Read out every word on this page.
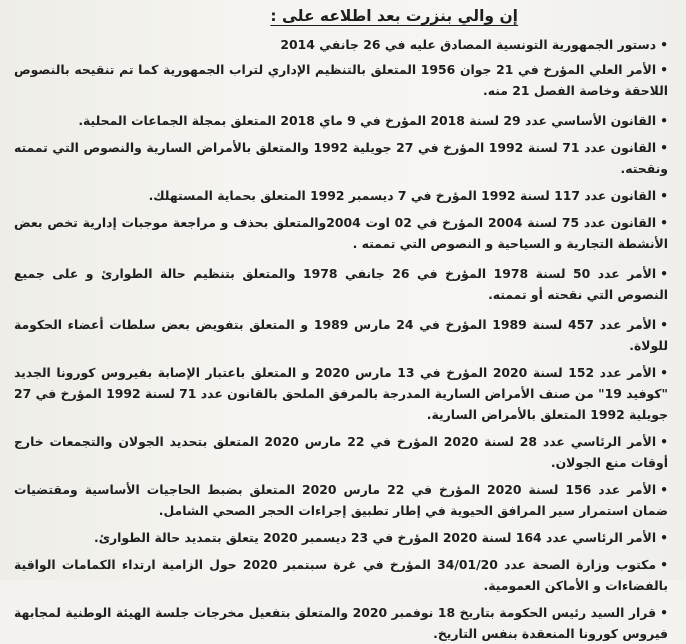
إن والي بنزرت بعد اطلاعه على :
•دستور الجمهورية التونسية المصادق عليه في 26 جانفي 2014
•الأمر العلي المؤرخ في 21 جوان 1956 المتعلق بالتنظيم الإداري لتراب الجمهورية كما تم تنقيحه بالنصوص اللاحقة وخاصة الفصل 21 منه.
•القانون الأساسي عدد 29 لسنة 2018 المؤرخ في 9 ماي 2018 المتعلق بمجلة الجماعات المحلية.
•القانون عدد 71 لسنة 1992 المؤرخ في 27 جويلية 1992 والمتعلق بالأمراض السارية والنصوص التي تممته ونقحته.
•القانون عدد 117 لسنة 1992 المؤرخ في 7 ديسمبر 1992 المتعلق بحماية المستهلك.
•القانون عدد 75 لسنة 2004 المؤرخ في 02 اوت 2004والمتعلق بحذف و مراجعة موجبات إدارية تخص بعض الأنشطة التجارية و السياحية و النصوص التي تممته .
•الأمر عدد 50 لسنة 1978 المؤرخ في 26 جانفي 1978 والمتعلق بتنظيم حالة الطوارئ و على جميع النصوص التي نقحته أو تممته.
•الأمر عدد 457 لسنة 1989 المؤرخ في 24 مارس 1989 و المتعلق بتفويض بعض سلطات أعضاء الحكومة للولاة.
•الأمر عدد 152 لسنة 2020 المؤرخ في 13 مارس 2020 و المتعلق باعتبار الإصابة بفيروس كورونا الجديد "كوفيد 19" من صنف الأمراض السارية المدرجة بالمرفق الملحق بالقانون عدد 71 لسنة 1992 المؤرخ في 27 جويلية 1992 المتعلق بالأمراض السارية.
•الأمر الرئاسي عدد 28 لسنة 2020 المؤرخ في 22 مارس 2020 المتعلق بتحديد الجولان والتجمعات خارج أوقات منع الجولان.
•الأمر عدد 156 لسنة 2020 المؤرخ في 22 مارس 2020 المتعلق بضبط الحاجيات الأساسية ومقتضيات ضمان استمرار سير المرافق الحيوية في إطار تطبيق إجراءات الحجر الصحي الشامل.
•الأمر الرئاسي عدد 164 لسنة 2020 المؤرخ في 23 ديسمبر 2020 يتعلق بتمديد حالة الطوارئ.
•مكتوب وزارة الصحة عدد 34/01/20 المؤرخ في غرة سبتمبر 2020 حول الزامية ارتداء الكمامات الواقية بالفضاءات و الأماكن العمومية.
•قرار السيد رئيس الحكومة بتاريخ 18 نوفمبر 2020 والمتعلق بتفعيل مخرجات جلسة الهيئة الوطنية لمجابهة فيروس كورونا المنعقدة بنفس التاريخ.
